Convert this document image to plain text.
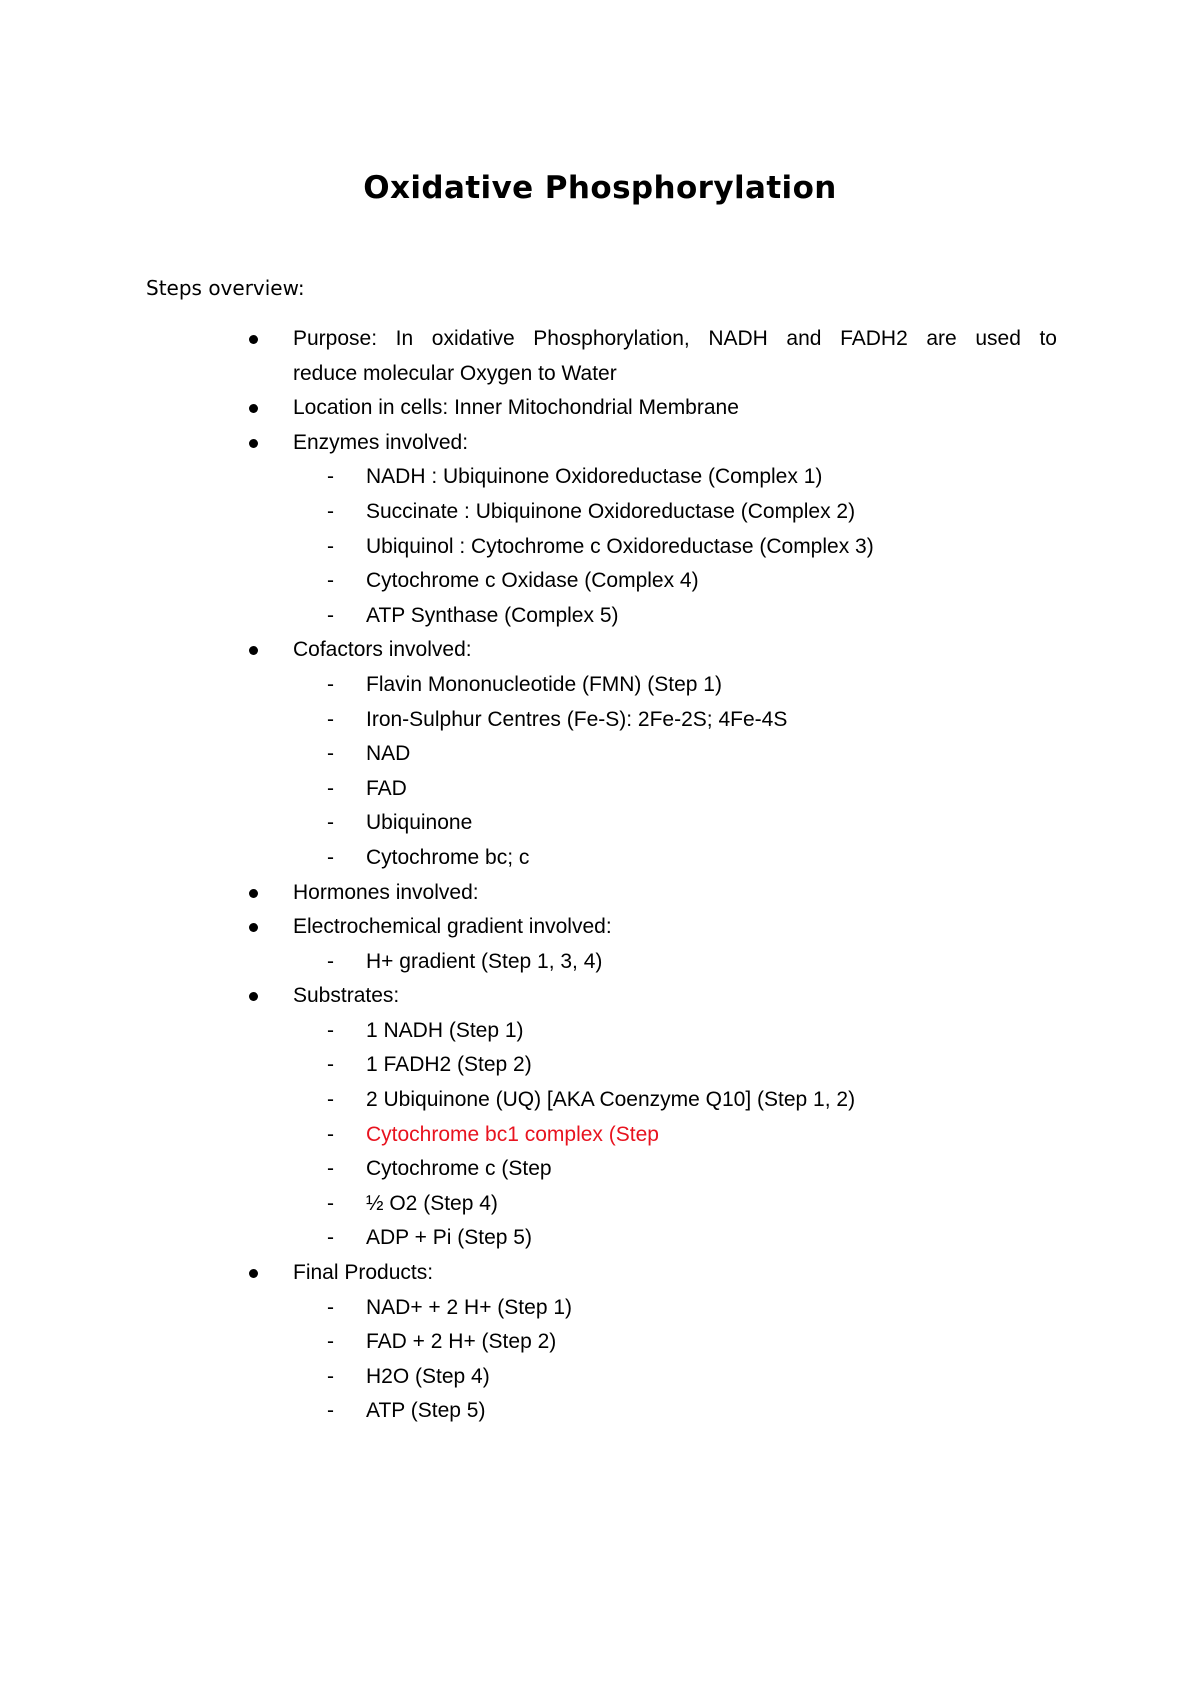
Oxidative Phosphorylation
Steps overview:
Purpose: In oxidative Phosphorylation, NADH and FADH2 are used to
reduce molecular Oxygen to Water
Location in cells: Inner Mitochondrial Membrane
Enzymes involved:
- NADH : Ubiquinone Oxidoreductase (Complex 1)
- Succinate : Ubiquinone Oxidoreductase (Complex 2)
- Ubiquinol : Cytochrome c Oxidoreductase (Complex 3)
- Cytochrome c Oxidase (Complex 4)
- ATP Synthase (Complex 5)
Cofactors involved:
- Flavin Mononucleotide (FMN) (Step 1)
- Iron-Sulphur Centres (Fe-S): 2Fe-2S; 4Fe-4S
- NAD
- FAD
- Ubiquinone
- Cytochrome bc; c
Hormones involved:
Electrochemical gradient involved:
- H+ gradient (Step 1, 3, 4)
Substrates:
- 1 NADH (Step 1)
- 1 FADH2 (Step 2)
- 2 Ubiquinone (UQ) [AKA Coenzyme Q10] (Step 1, 2)
- Cytochrome bc1 complex (Step
- Cytochrome c (Step
- ½ O2 (Step 4)
- ADP + Pi (Step 5)
Final Products:
- NAD+ + 2 H+ (Step 1)
- FAD + 2 H+ (Step 2)
- H2O (Step 4)
- ATP (Step 5)
